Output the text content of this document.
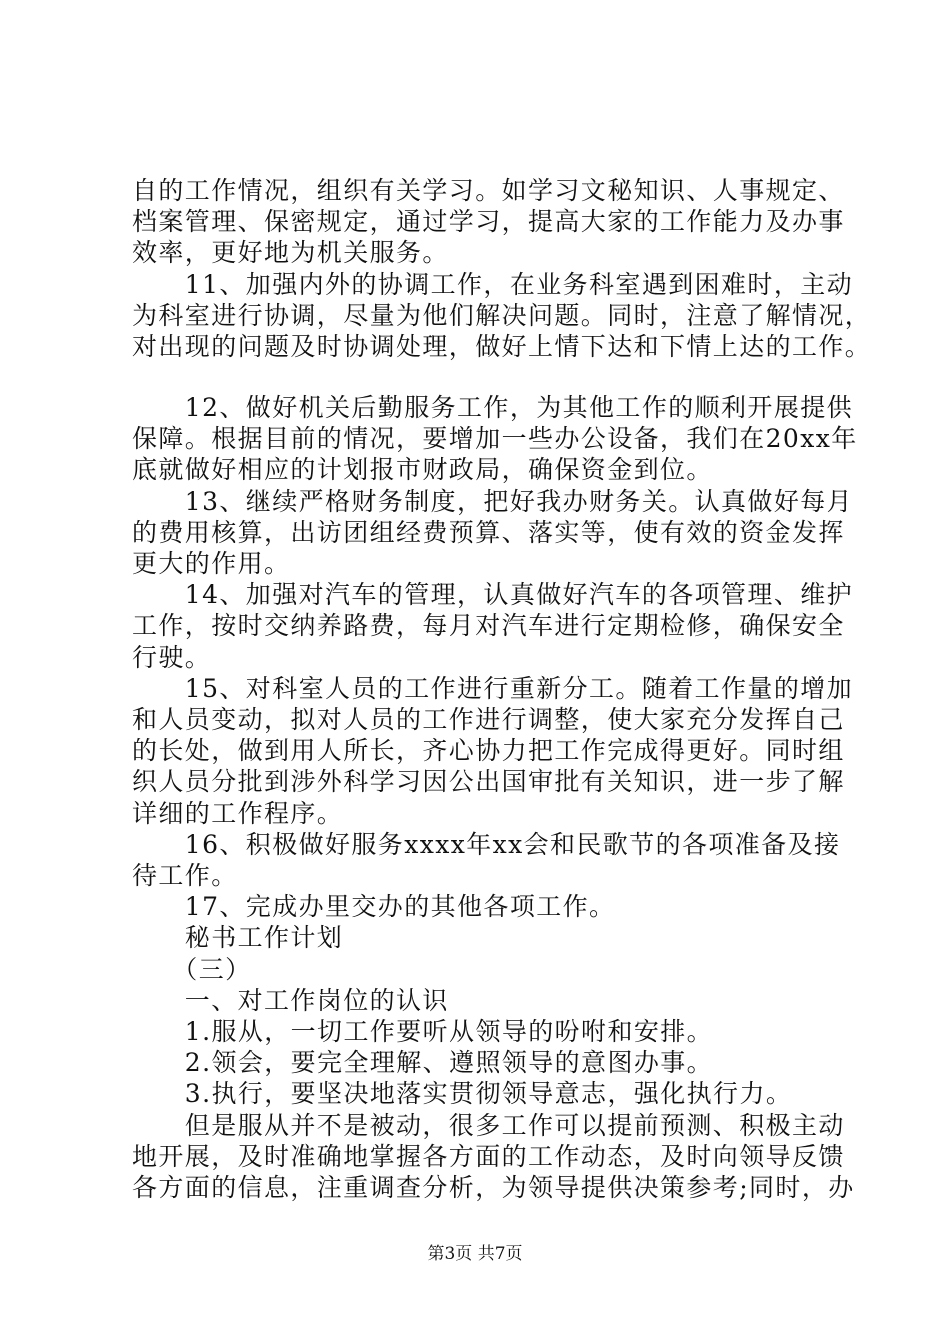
自的工作情况，组织有关学习。如学习文秘知识、人事规定、
档案管理、保密规定，通过学习，提高大家的工作能力及办事
效率，更好地为机关服务。
　　11、加强内外的协调工作，在业务科室遇到困难时，主动
为科室进行协调，尽量为他们解决问题。同时，注意了解情况，
对出现的问题及时协调处理，做好上情下达和下情上达的工作。
　　12、做好机关后勤服务工作，为其他工作的顺利开展提供
保障。根据目前的情况，要增加一些办公设备，我们在20xx年
底就做好相应的计划报市财政局，确保资金到位。
　　13、继续严格财务制度，把好我办财务关。认真做好每月
的费用核算，出访团组经费预算、落实等，使有效的资金发挥
更大的作用。
　　14、加强对汽车的管理，认真做好汽车的各项管理、维护
工作，按时交纳养路费，每月对汽车进行定期检修，确保安全
行驶。
　　15、对科室人员的工作进行重新分工。随着工作量的增加
和人员变动，拟对人员的工作进行调整，使大家充分发挥自己
的长处，做到用人所长，齐心协力把工作完成得更好。同时组
织人员分批到涉外科学习因公出国审批有关知识，进一步了解
详细的工作程序。
　　16、积极做好服务xxxx年xx会和民歌节的各项准备及接
待工作。
　　17、完成办里交办的其他各项工作。
　　秘书工作计划
　　（三）
　　一、对工作岗位的认识
　　1.服从，一切工作要听从领导的吩咐和安排。
　　2.领会，要完全理解、遵照领导的意图办事。
　　3.执行，要坚决地落实贯彻领导意志，强化执行力。
　　但是服从并不是被动，很多工作可以提前预测、积极主动
地开展，及时准确地掌握各方面的工作动态，及时向领导反馈
各方面的信息，注重调查分析，为领导提供决策参考;同时，办
第3页 共7页
